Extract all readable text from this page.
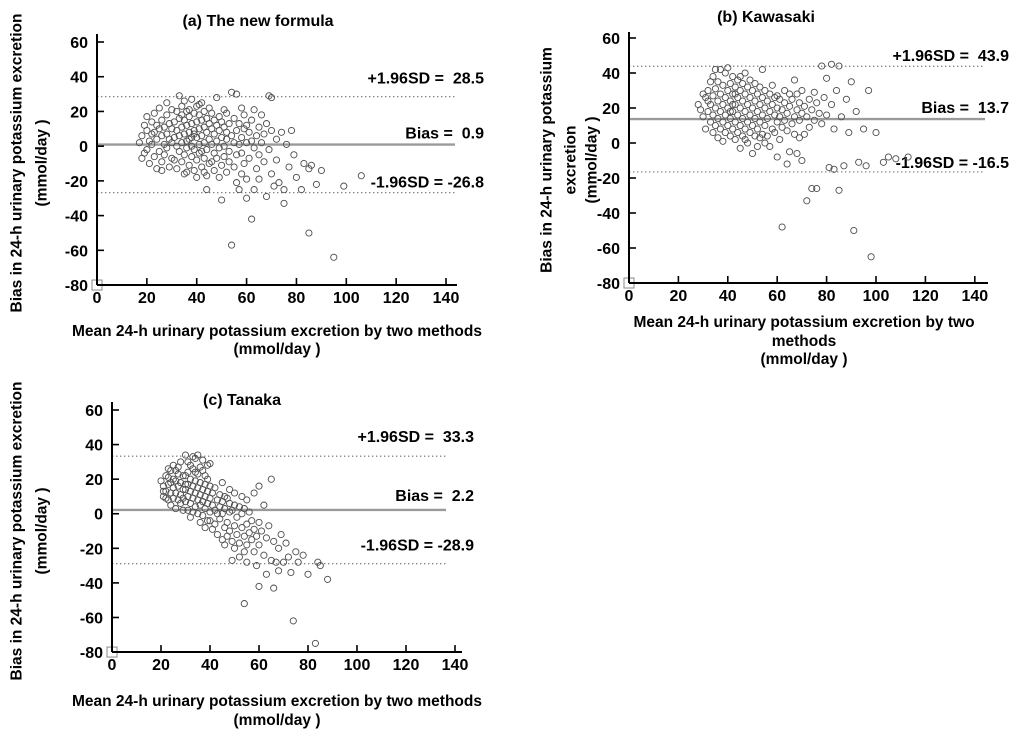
+1.96SD =  28.5
Bias =  0.9
-1.96SD = -26.8
60
40
20
0
-20
-40
-60
-80
0 20 40 60 80 100 120 140
(a) The new formula
Mean 24-h urinary potassium excretion by two methods
(mmol/day )
Bias in 24-h urinary potassium excretion (mmol/day )
+1.96SD =  43.9
Bias =  13.7
-1.96SD = -16.5
60
40
20
0
-20
-40
-60
-80
0 20 40 60 80 100 120 140
(b) Kawasaki
Mean 24-h urinary potassium excretion by two
methods
(mmol/day )
Bias in 24-h urinary potassium excretion (mmol/day )
+1.96SD =  33.3
Bias =  2.2
-1.96SD = -28.9
60
40
20
0
-20
-40
-60
-80
0 20 40 60 80 100 120 140
(c) Tanaka
Mean 24-h urinary potassium excretion by two methods
(mmol/day )
Bias in 24-h urinary potassium excretion (mmol/day )
